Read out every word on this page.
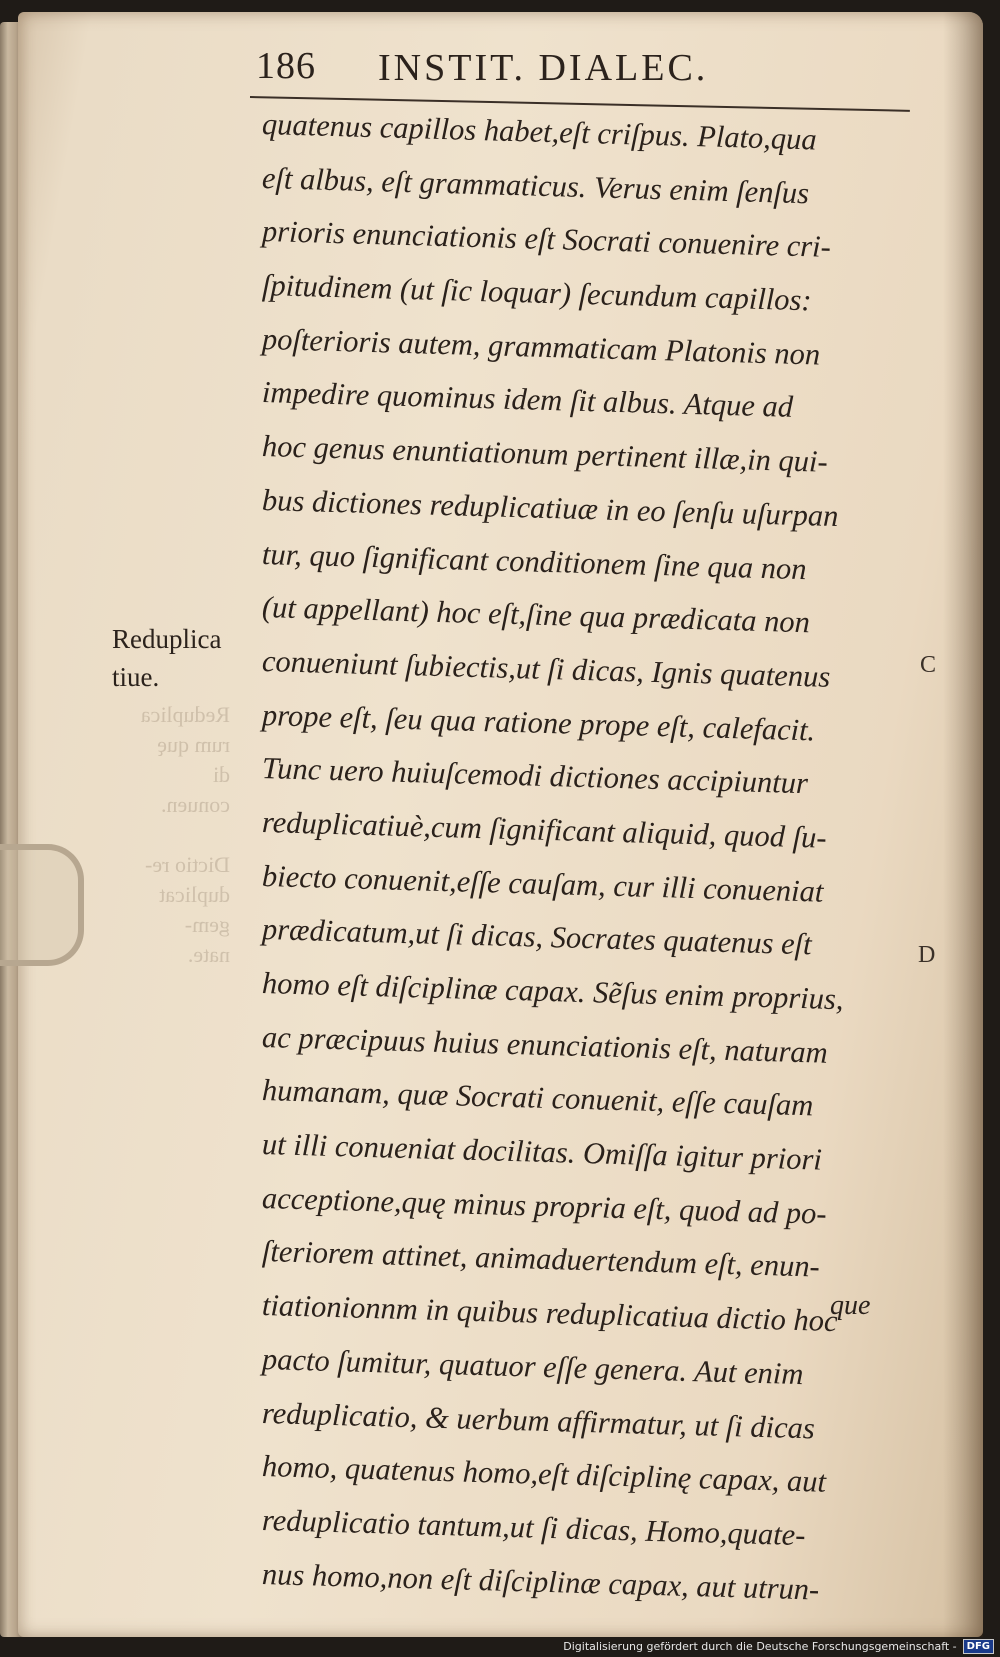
Reduplica
rum quę di
conuen.

Dictio re-
duplicat
gem-
nate.
186 INSTIT. DIALEC.
quatenus capillos habet,eſt criſpus. Plato,qua
eſt albus, eſt grammaticus. Verus enim ſenſus
prioris enunciationis eſt Socrati conuenire cri-
ſpitudinem (ut ſic loquar) ſecundum capillos:
poſterioris autem, grammaticam Platonis non
impedire quominus idem ſit albus. Atque ad
hoc genus enuntiationum pertinent illæ,in qui-
bus dictiones reduplicatiuæ in eo ſenſu uſurpan
tur, quo ſignificant conditionem ſine qua non
(ut appellant) hoc eſt,ſine qua prædicata non
conueniunt ſubiectis,ut ſi dicas, Ignis quatenus
prope eſt, ſeu qua ratione prope eſt, calefacit.
Tunc uero huiuſcemodi dictiones accipiuntur
reduplicatiuè,cum ſignificant aliquid, quod ſu-
biecto conuenit,eſſe cauſam, cur illi conueniat
prædicatum,ut ſi dicas, Socrates quatenus eſt
homo eſt diſciplinæ capax. Sẽſus enim proprius,
ac præcipuus huius enunciationis eſt, naturam
humanam, quæ Socrati conuenit, eſſe cauſam
ut illi conueniat docilitas. Omiſſa igitur priori
acceptione,quę minus propria eſt, quod ad po-
ſteriorem attinet, animaduertendum eſt, enun-
tiationionnm in quibus reduplicatiua dictio hoc
pacto ſumitur, quatuor eſſe genera. Aut enim
reduplicatio, & uerbum affirmatur, ut ſi dicas
homo, quatenus homo,eſt diſciplinę capax, aut
reduplicatio tantum,ut ſi dicas, Homo,quate-
nus homo,non eſt diſciplinæ capax, aut utrun-
que
Reduplica
tiue.	C
D
Digitalisierung gefördert durch die Deutsche Forschungsgemeinschaft -	DFG
